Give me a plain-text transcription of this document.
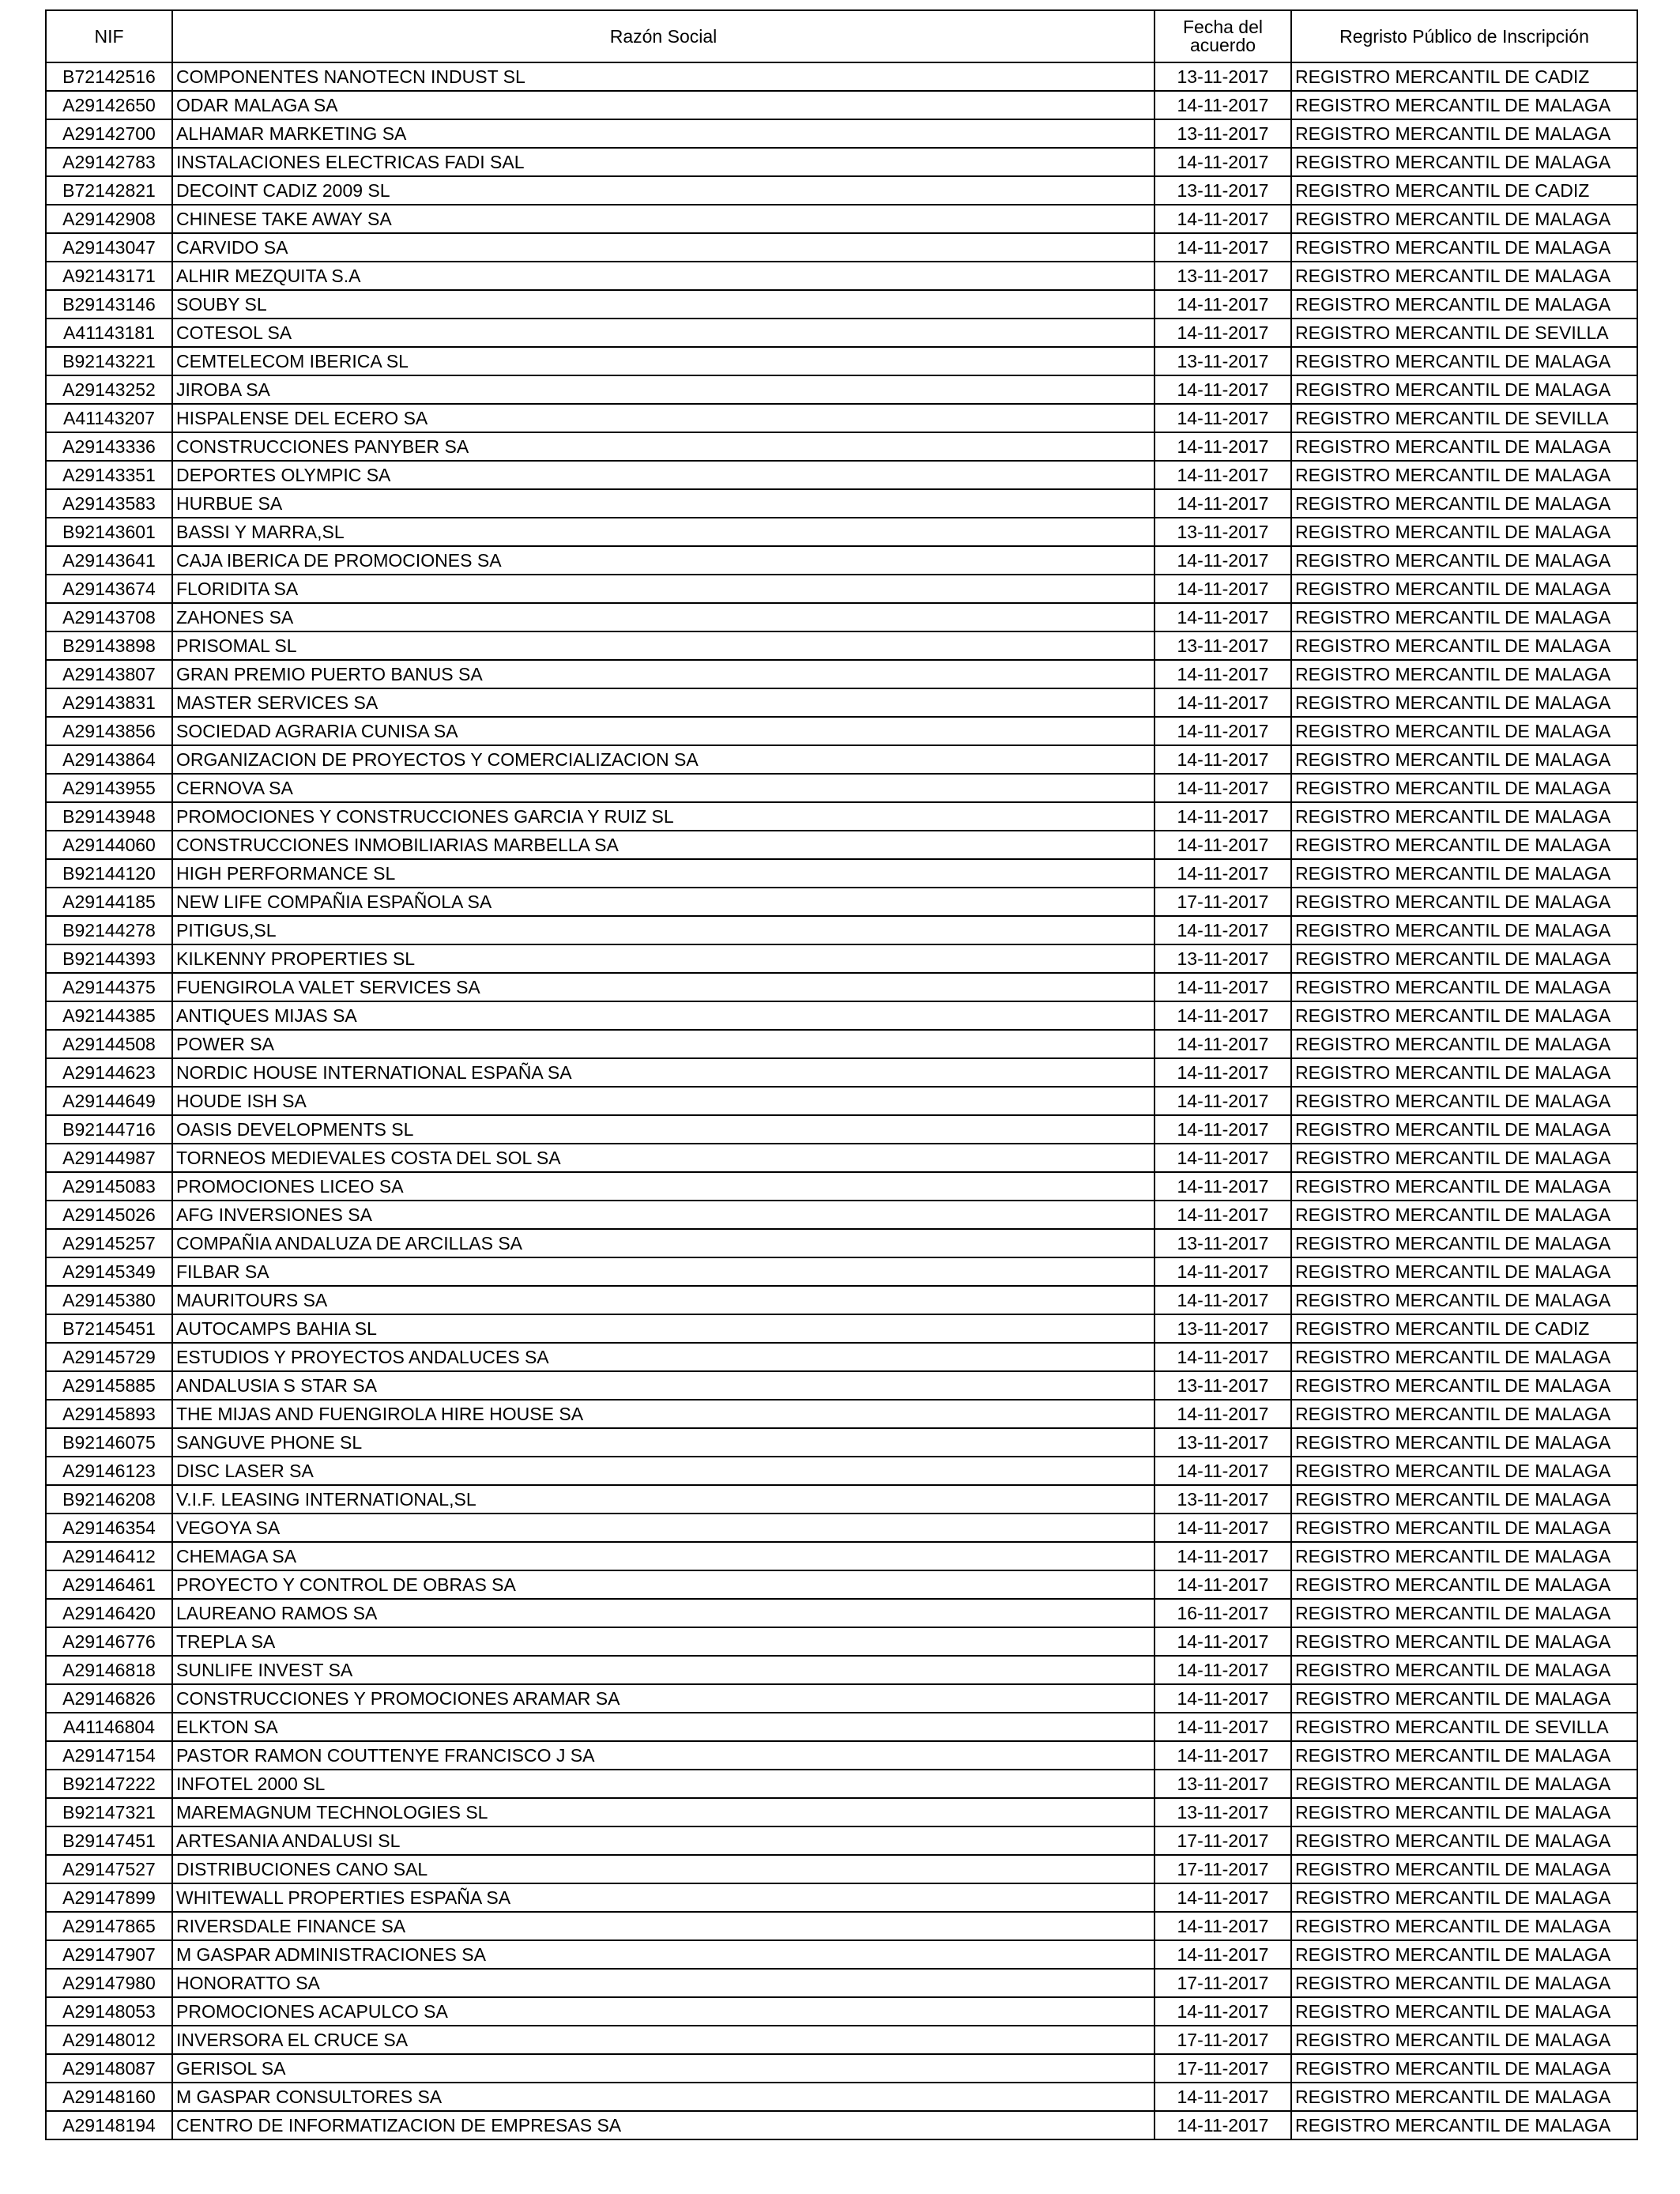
NIF	Razón Social	Fecha del acuerdo	Regristo Público de Inscripción
B72142516	COMPONENTES NANOTECN INDUST SL	13-11-2017	REGISTRO MERCANTIL DE CADIZ
A29142650	ODAR MALAGA SA	14-11-2017	REGISTRO MERCANTIL DE MALAGA
A29142700	ALHAMAR MARKETING SA	13-11-2017	REGISTRO MERCANTIL DE MALAGA
A29142783	INSTALACIONES ELECTRICAS FADI SAL	14-11-2017	REGISTRO MERCANTIL DE MALAGA
B72142821	DECOINT CADIZ 2009 SL	13-11-2017	REGISTRO MERCANTIL DE CADIZ
A29142908	CHINESE TAKE AWAY SA	14-11-2017	REGISTRO MERCANTIL DE MALAGA
A29143047	CARVIDO SA	14-11-2017	REGISTRO MERCANTIL DE MALAGA
A92143171	ALHIR MEZQUITA S.A	13-11-2017	REGISTRO MERCANTIL DE MALAGA
B29143146	SOUBY SL	14-11-2017	REGISTRO MERCANTIL DE MALAGA
A41143181	COTESOL SA	14-11-2017	REGISTRO MERCANTIL DE SEVILLA
B92143221	CEMTELECOM IBERICA SL	13-11-2017	REGISTRO MERCANTIL DE MALAGA
A29143252	JIROBA SA	14-11-2017	REGISTRO MERCANTIL DE MALAGA
A41143207	HISPALENSE DEL ECERO SA	14-11-2017	REGISTRO MERCANTIL DE SEVILLA
A29143336	CONSTRUCCIONES PANYBER SA	14-11-2017	REGISTRO MERCANTIL DE MALAGA
A29143351	DEPORTES OLYMPIC SA	14-11-2017	REGISTRO MERCANTIL DE MALAGA
A29143583	HURBUE SA	14-11-2017	REGISTRO MERCANTIL DE MALAGA
B92143601	BASSI Y MARRA,SL	13-11-2017	REGISTRO MERCANTIL DE MALAGA
A29143641	CAJA IBERICA DE PROMOCIONES SA	14-11-2017	REGISTRO MERCANTIL DE MALAGA
A29143674	FLORIDITA SA	14-11-2017	REGISTRO MERCANTIL DE MALAGA
A29143708	ZAHONES SA	14-11-2017	REGISTRO MERCANTIL DE MALAGA
B29143898	PRISOMAL SL	13-11-2017	REGISTRO MERCANTIL DE MALAGA
A29143807	GRAN PREMIO PUERTO BANUS SA	14-11-2017	REGISTRO MERCANTIL DE MALAGA
A29143831	MASTER SERVICES SA	14-11-2017	REGISTRO MERCANTIL DE MALAGA
A29143856	SOCIEDAD AGRARIA CUNISA SA	14-11-2017	REGISTRO MERCANTIL DE MALAGA
A29143864	ORGANIZACION DE PROYECTOS Y COMERCIALIZACION SA	14-11-2017	REGISTRO MERCANTIL DE MALAGA
A29143955	CERNOVA SA	14-11-2017	REGISTRO MERCANTIL DE MALAGA
B29143948	PROMOCIONES Y CONSTRUCCIONES GARCIA Y RUIZ SL	14-11-2017	REGISTRO MERCANTIL DE MALAGA
A29144060	CONSTRUCCIONES INMOBILIARIAS MARBELLA SA	14-11-2017	REGISTRO MERCANTIL DE MALAGA
B92144120	HIGH PERFORMANCE SL	14-11-2017	REGISTRO MERCANTIL DE MALAGA
A29144185	NEW LIFE COMPAÑIA ESPAÑOLA SA	17-11-2017	REGISTRO MERCANTIL DE MALAGA
B92144278	PITIGUS,SL	14-11-2017	REGISTRO MERCANTIL DE MALAGA
B92144393	KILKENNY PROPERTIES SL	13-11-2017	REGISTRO MERCANTIL DE MALAGA
A29144375	FUENGIROLA VALET SERVICES SA	14-11-2017	REGISTRO MERCANTIL DE MALAGA
A92144385	ANTIQUES MIJAS SA	14-11-2017	REGISTRO MERCANTIL DE MALAGA
A29144508	POWER SA	14-11-2017	REGISTRO MERCANTIL DE MALAGA
A29144623	NORDIC HOUSE INTERNATIONAL ESPAÑA SA	14-11-2017	REGISTRO MERCANTIL DE MALAGA
A29144649	HOUDE ISH SA	14-11-2017	REGISTRO MERCANTIL DE MALAGA
B92144716	OASIS DEVELOPMENTS SL	14-11-2017	REGISTRO MERCANTIL DE MALAGA
A29144987	TORNEOS MEDIEVALES COSTA DEL SOL SA	14-11-2017	REGISTRO MERCANTIL DE MALAGA
A29145083	PROMOCIONES LICEO SA	14-11-2017	REGISTRO MERCANTIL DE MALAGA
A29145026	AFG INVERSIONES SA	14-11-2017	REGISTRO MERCANTIL DE MALAGA
A29145257	COMPAÑIA ANDALUZA DE ARCILLAS SA	13-11-2017	REGISTRO MERCANTIL DE MALAGA
A29145349	FILBAR SA	14-11-2017	REGISTRO MERCANTIL DE MALAGA
A29145380	MAURITOURS SA	14-11-2017	REGISTRO MERCANTIL DE MALAGA
B72145451	AUTOCAMPS BAHIA SL	13-11-2017	REGISTRO MERCANTIL DE CADIZ
A29145729	ESTUDIOS Y PROYECTOS ANDALUCES SA	14-11-2017	REGISTRO MERCANTIL DE MALAGA
A29145885	ANDALUSIA S STAR SA	13-11-2017	REGISTRO MERCANTIL DE MALAGA
A29145893	THE MIJAS AND FUENGIROLA HIRE HOUSE SA	14-11-2017	REGISTRO MERCANTIL DE MALAGA
B92146075	SANGUVE PHONE SL	13-11-2017	REGISTRO MERCANTIL DE MALAGA
A29146123	DISC LASER SA	14-11-2017	REGISTRO MERCANTIL DE MALAGA
B92146208	V.I.F. LEASING INTERNATIONAL,SL	13-11-2017	REGISTRO MERCANTIL DE MALAGA
A29146354	VEGOYA SA	14-11-2017	REGISTRO MERCANTIL DE MALAGA
A29146412	CHEMAGA SA	14-11-2017	REGISTRO MERCANTIL DE MALAGA
A29146461	PROYECTO Y CONTROL DE OBRAS SA	14-11-2017	REGISTRO MERCANTIL DE MALAGA
A29146420	LAUREANO RAMOS SA	16-11-2017	REGISTRO MERCANTIL DE MALAGA
A29146776	TREPLA SA	14-11-2017	REGISTRO MERCANTIL DE MALAGA
A29146818	SUNLIFE INVEST SA	14-11-2017	REGISTRO MERCANTIL DE MALAGA
A29146826	CONSTRUCCIONES Y PROMOCIONES ARAMAR SA	14-11-2017	REGISTRO MERCANTIL DE MALAGA
A41146804	ELKTON SA	14-11-2017	REGISTRO MERCANTIL DE SEVILLA
A29147154	PASTOR RAMON COUTTENYE FRANCISCO J SA	14-11-2017	REGISTRO MERCANTIL DE MALAGA
B92147222	INFOTEL 2000 SL	13-11-2017	REGISTRO MERCANTIL DE MALAGA
B92147321	MAREMAGNUM TECHNOLOGIES SL	13-11-2017	REGISTRO MERCANTIL DE MALAGA
B29147451	ARTESANIA ANDALUSI SL	17-11-2017	REGISTRO MERCANTIL DE MALAGA
A29147527	DISTRIBUCIONES CANO SAL	17-11-2017	REGISTRO MERCANTIL DE MALAGA
A29147899	WHITEWALL PROPERTIES ESPAÑA SA	14-11-2017	REGISTRO MERCANTIL DE MALAGA
A29147865	RIVERSDALE FINANCE SA	14-11-2017	REGISTRO MERCANTIL DE MALAGA
A29147907	M GASPAR ADMINISTRACIONES SA	14-11-2017	REGISTRO MERCANTIL DE MALAGA
A29147980	HONORATTO SA	17-11-2017	REGISTRO MERCANTIL DE MALAGA
A29148053	PROMOCIONES ACAPULCO SA	14-11-2017	REGISTRO MERCANTIL DE MALAGA
A29148012	INVERSORA EL CRUCE SA	17-11-2017	REGISTRO MERCANTIL DE MALAGA
A29148087	GERISOL SA	17-11-2017	REGISTRO MERCANTIL DE MALAGA
A29148160	M GASPAR CONSULTORES SA	14-11-2017	REGISTRO MERCANTIL DE MALAGA
A29148194	CENTRO DE INFORMATIZACION DE EMPRESAS SA	14-11-2017	REGISTRO MERCANTIL DE MALAGA
